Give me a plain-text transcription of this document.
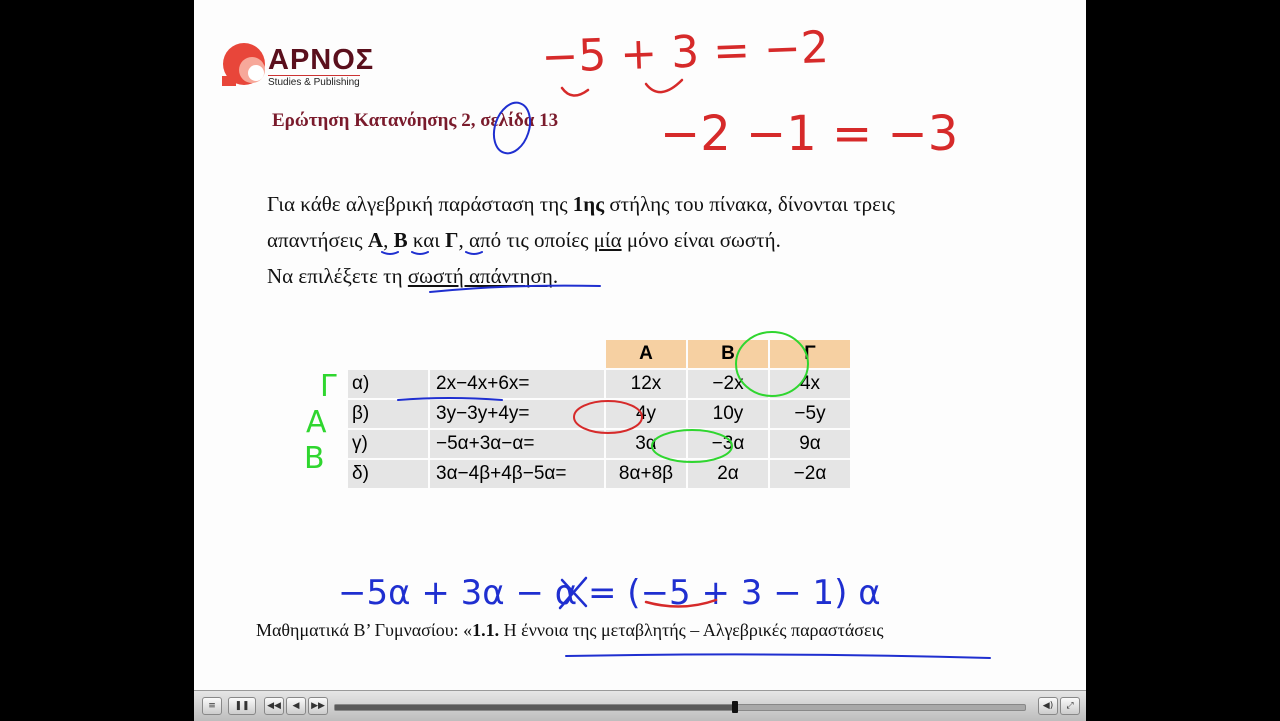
ΑΡΝΟΣ
Studies & Publishing
Ερώτηση Κατανόησης 2, σελίδα 13
Για κάθε αλγεβρική παράσταση της 1ης στήλης του πίνακα, δίνονται τρεις
απαντήσεις Α, Β και Γ, από τις οποίες μία μόνο είναι σωστή.
Να επιλέξετε τη σωστή απάντηση.
		Α	Β	Γ
α)	2x−4x+6x=	12x	−2x	4x
β)	3y−3y+4y=	4y	10y	−5y
γ)	−5α+3α−α=	3α	−3α	9α
δ)	3α−4β+4β−5α=	8α+8β	2α	−2α
Μαθηματικά Β’ Γυμνασίου: «1.1. Η έννοια της μεταβλητής – Αλγεβρικές παραστάσεις
−5 + 3 = −2
−2 −1 = −3
Γ
Α
Β
−5α + 3α − α = (−5 + 3 − 1) α
≡	❚❚	◀◀	◀	▶▶	◀)	⤢
